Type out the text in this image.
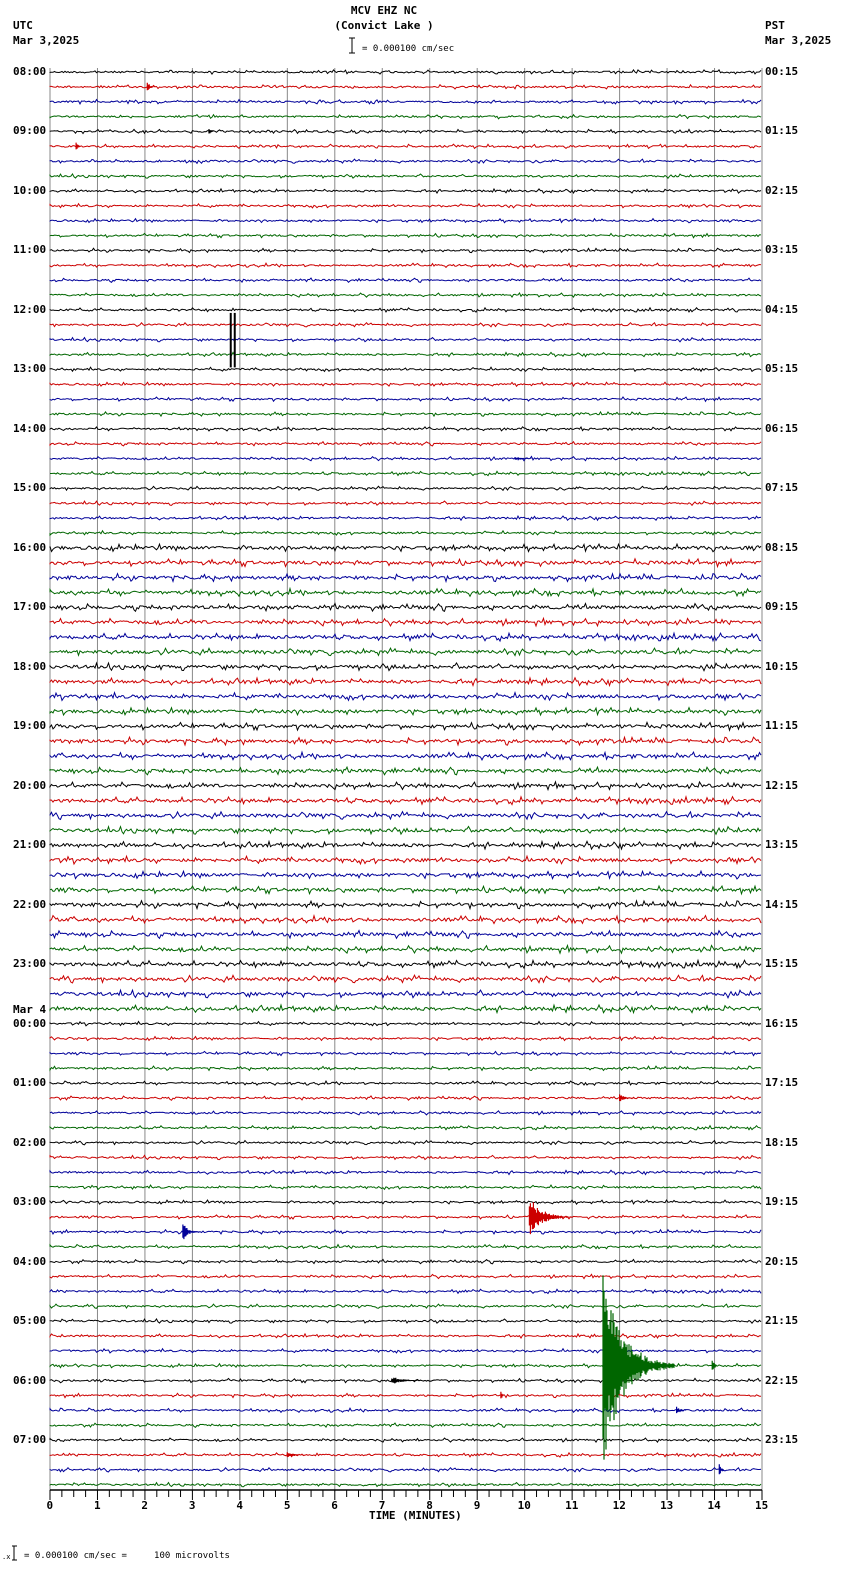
MCV EHZ NC
(Convict Lake )
UTC
Mar 3,2025
PST
Mar 3,2025
= 0.000100 cm/sec
08:00
09:00
10:00
11:00
12:00
13:00
14:00
15:00
16:00
17:00
18:00
19:00
20:00
21:00
22:00
23:00
Mar 4
00:00
01:00
02:00
03:00
04:00
05:00
06:00
07:00
00:15
01:15
02:15
03:15
04:15
05:15
06:15
07:15
08:15
09:15
10:15
11:15
12:15
13:15
14:15
15:15
16:15
17:15
18:15
19:15
20:15
21:15
22:15
23:15
0	1	2	3	4	5	6	7	8	9	10	11	12	13	14	15
TIME (MINUTES)
= 0.000100 cm/sec =     100 microvolts
.x
